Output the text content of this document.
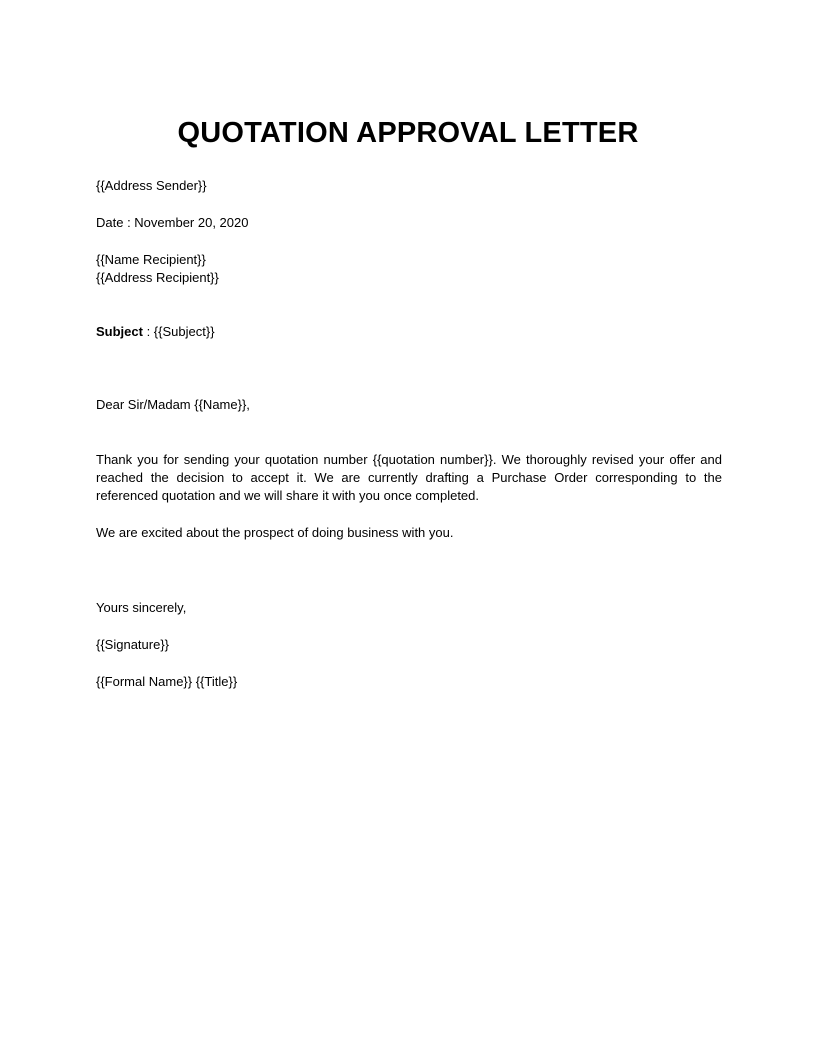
QUOTATION APPROVAL LETTER

{{Address Sender}}

Date : November 20, 2020

{{Name Recipient}}

{{Address Recipient}}

Subject : {{Subject}}

Dear Sir/Madam {{Name}},

Thank you for sending your quotation number {{quotation number}}. We thoroughly revised your offer and reached the decision to accept it. We are currently drafting a Purchase Order corresponding to the referenced quotation and we will share it with you once completed.

We are excited about the prospect of doing business with you.

Yours sincerely,

{{Signature}}

{{Formal Name}} {{Title}}
